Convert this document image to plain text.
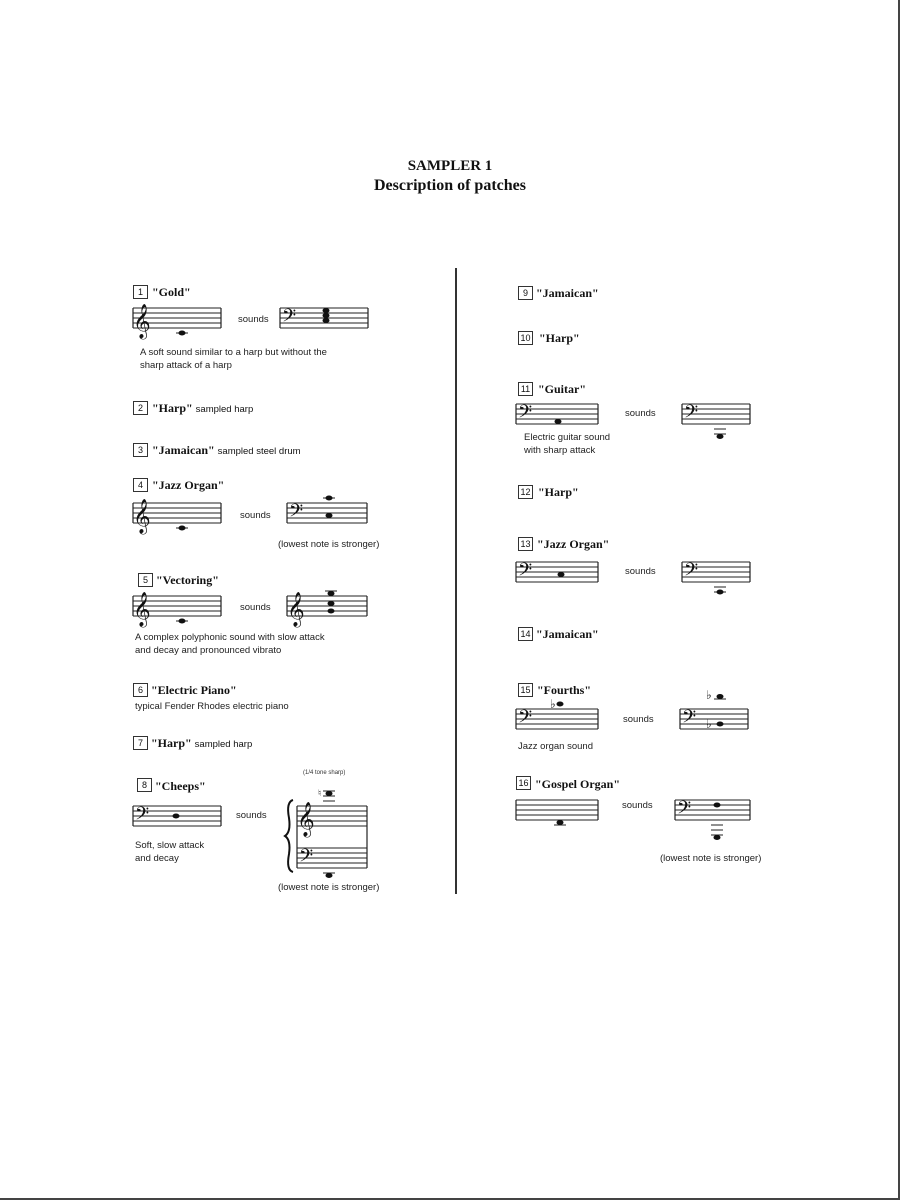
SAMPLER 1
Description of patches
1 "Gold"
𝄞	sounds 𝄢
A soft sound similar to a harp but without the
sharp attack of a harp
2 "Harp" sampled harp
3 "Jamaican" sampled steel drum
4 "Jazz Organ"
𝄞	sounds 𝄢
(lowest note is stronger)
5 "Vectoring"
𝄞	sounds 𝄞
A complex polyphonic sound with slow attack
and decay and pronounced vibrato
6 "Electric Piano"
typical Fender Rhodes electric piano
7 "Harp" sampled harp
8 "Cheeps"
𝄢	sounds
Soft, slow attack
and decay
(1/4 tone sharp)
𝄞
𝄢
♮
(lowest note is stronger)
9 "Jamaican"
10 "Harp"
11 "Guitar"
𝄢	sounds 𝄢
Electric guitar sound
with sharp attack
12 "Harp"
13 "Jazz Organ"
𝄢	sounds 𝄢
14 "Jamaican"
15 "Fourths"
𝄢
♭
sounds 𝄢
♭
♭
Jazz organ sound
16 "Gospel Organ"
sounds 𝄢
(lowest note is stronger)
